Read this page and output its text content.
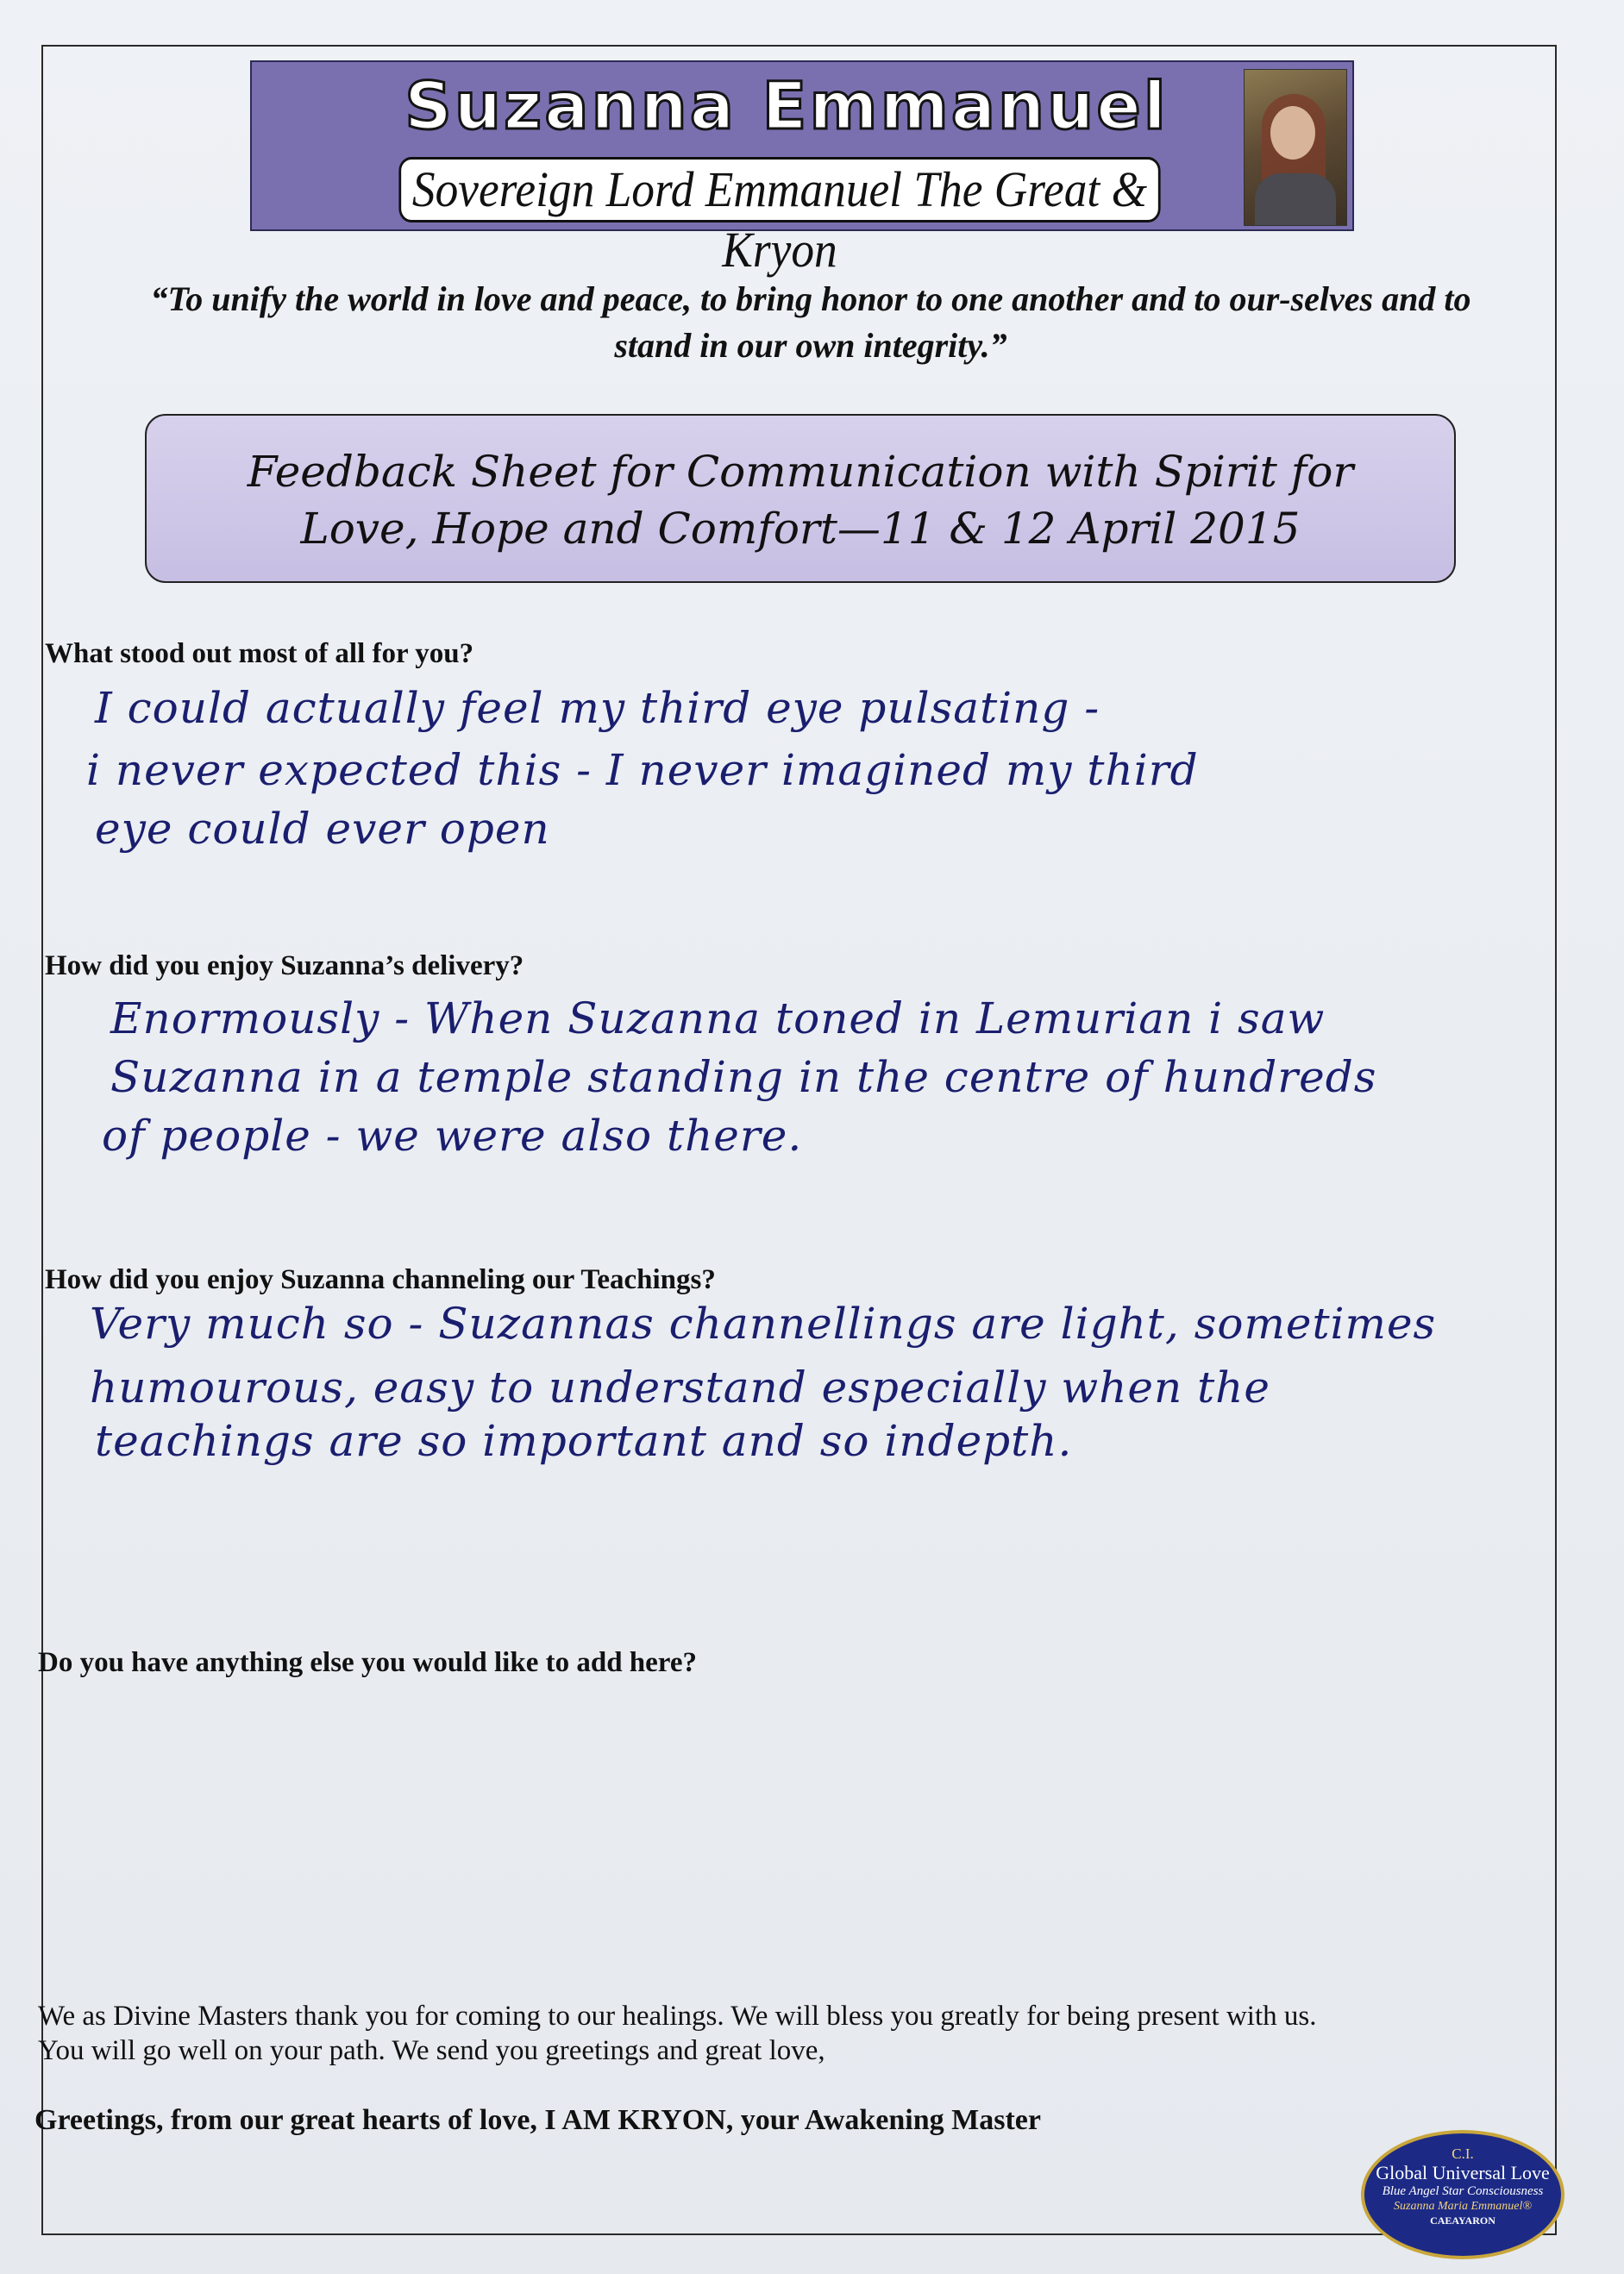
Suzanna Emmanuel
Sovereign Lord Emmanuel The Great & Kryon
“To unify the world in love and peace, to bring honor to one another and to our-selves and to stand in our own integrity.”
Feedback Sheet for Communication with Spirit for
Love, Hope and Comfort—11 & 12 April 2015
What stood out most of all for you?
I could actually feel my third eye pulsating -
i never expected this - I never imagined my third
eye could ever open
How did you enjoy Suzanna’s delivery?
Enormously - When Suzanna toned in Lemurian i saw
Suzanna in a temple standing in the centre of hundreds
of people - we were also there.
How did you enjoy Suzanna channeling our Teachings?
Very much so - Suzannas channellings are light, sometimes
humourous, easy to understand especially when the
teachings are so important and so indepth.
Do you have anything else you would like to add here?
We as Divine Masters thank you for coming to our healings. We will bless you greatly for being present with us.
You will go well on your path. We send you greetings and great love,
Greetings, from our great hearts of love, I AM KRYON, your Awakening Master
C.I.
Global Universal Love
Blue Angel Star Consciousness
Suzanna Maria Emmanuel®
CAEAYARON
